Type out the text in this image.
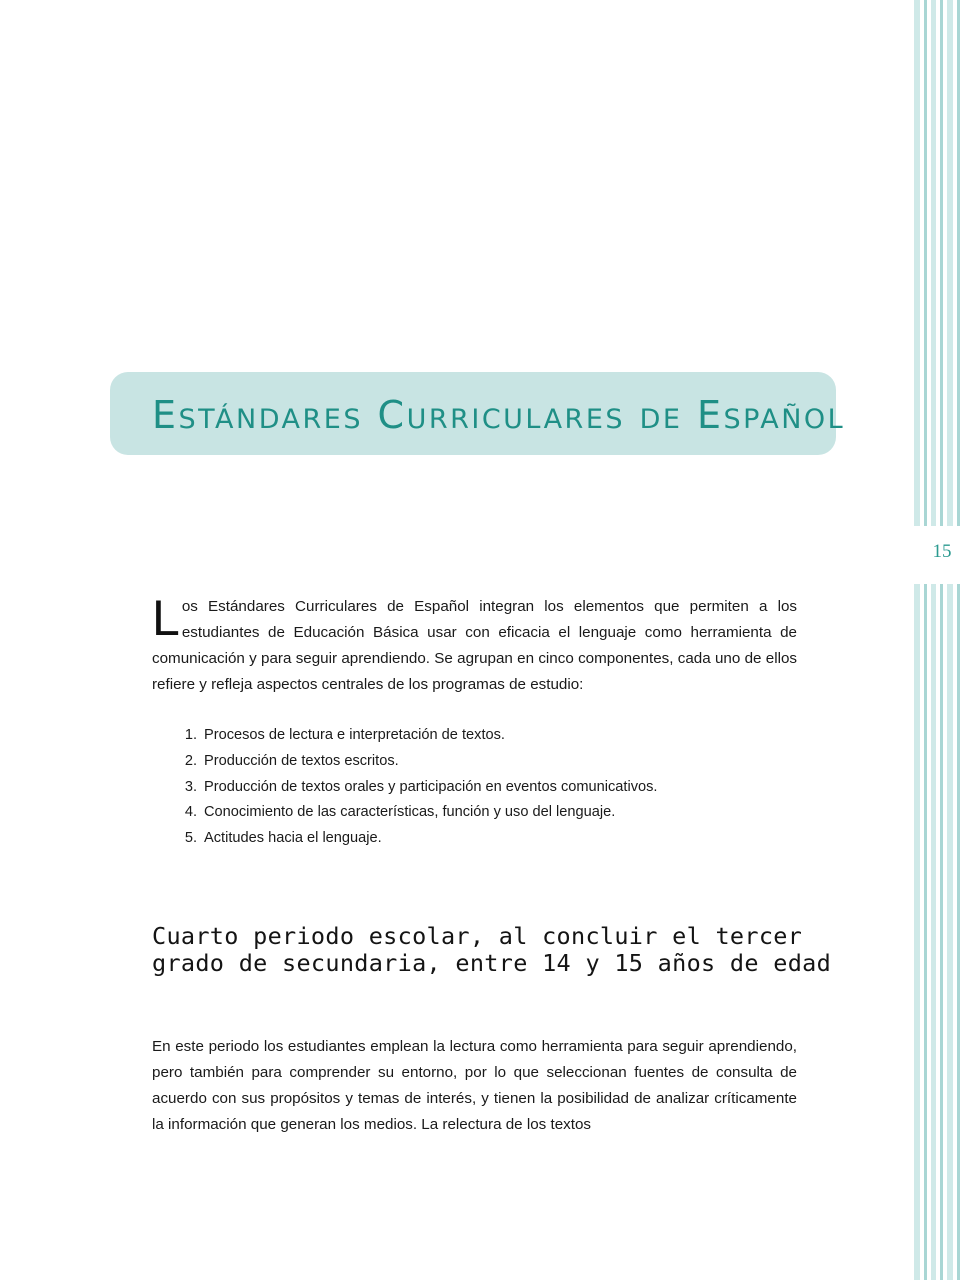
15
Estándares Curriculares de Español

Los Estándares Curriculares de Español integran los elementos que permiten a los estudiantes de Educación Básica usar con eficacia el lenguaje como herramienta de comunicación y para seguir aprendiendo. Se agrupan en cinco componentes, cada uno de ellos refiere y refleja aspectos centrales de los programas de estudio:

1. Procesos de lectura e interpretación de textos.
2. Producción de textos escritos.
3. Producción de textos orales y participación en eventos comunicativos.
4. Conocimiento de las características, función y uso del lenguaje.
5. Actitudes hacia el lenguaje.
Cuarto periodo escolar, al concluir el tercer grado de secundaria, entre 14 y 15 años de edad

En este periodo los estudiantes emplean la lectura como herramienta para seguir aprendiendo, pero también para comprender su entorno, por lo que seleccionan fuentes de consulta de acuerdo con sus propósitos y temas de interés, y tienen la posibilidad de analizar críticamente la información que generan los medios. La relectura de los textos
